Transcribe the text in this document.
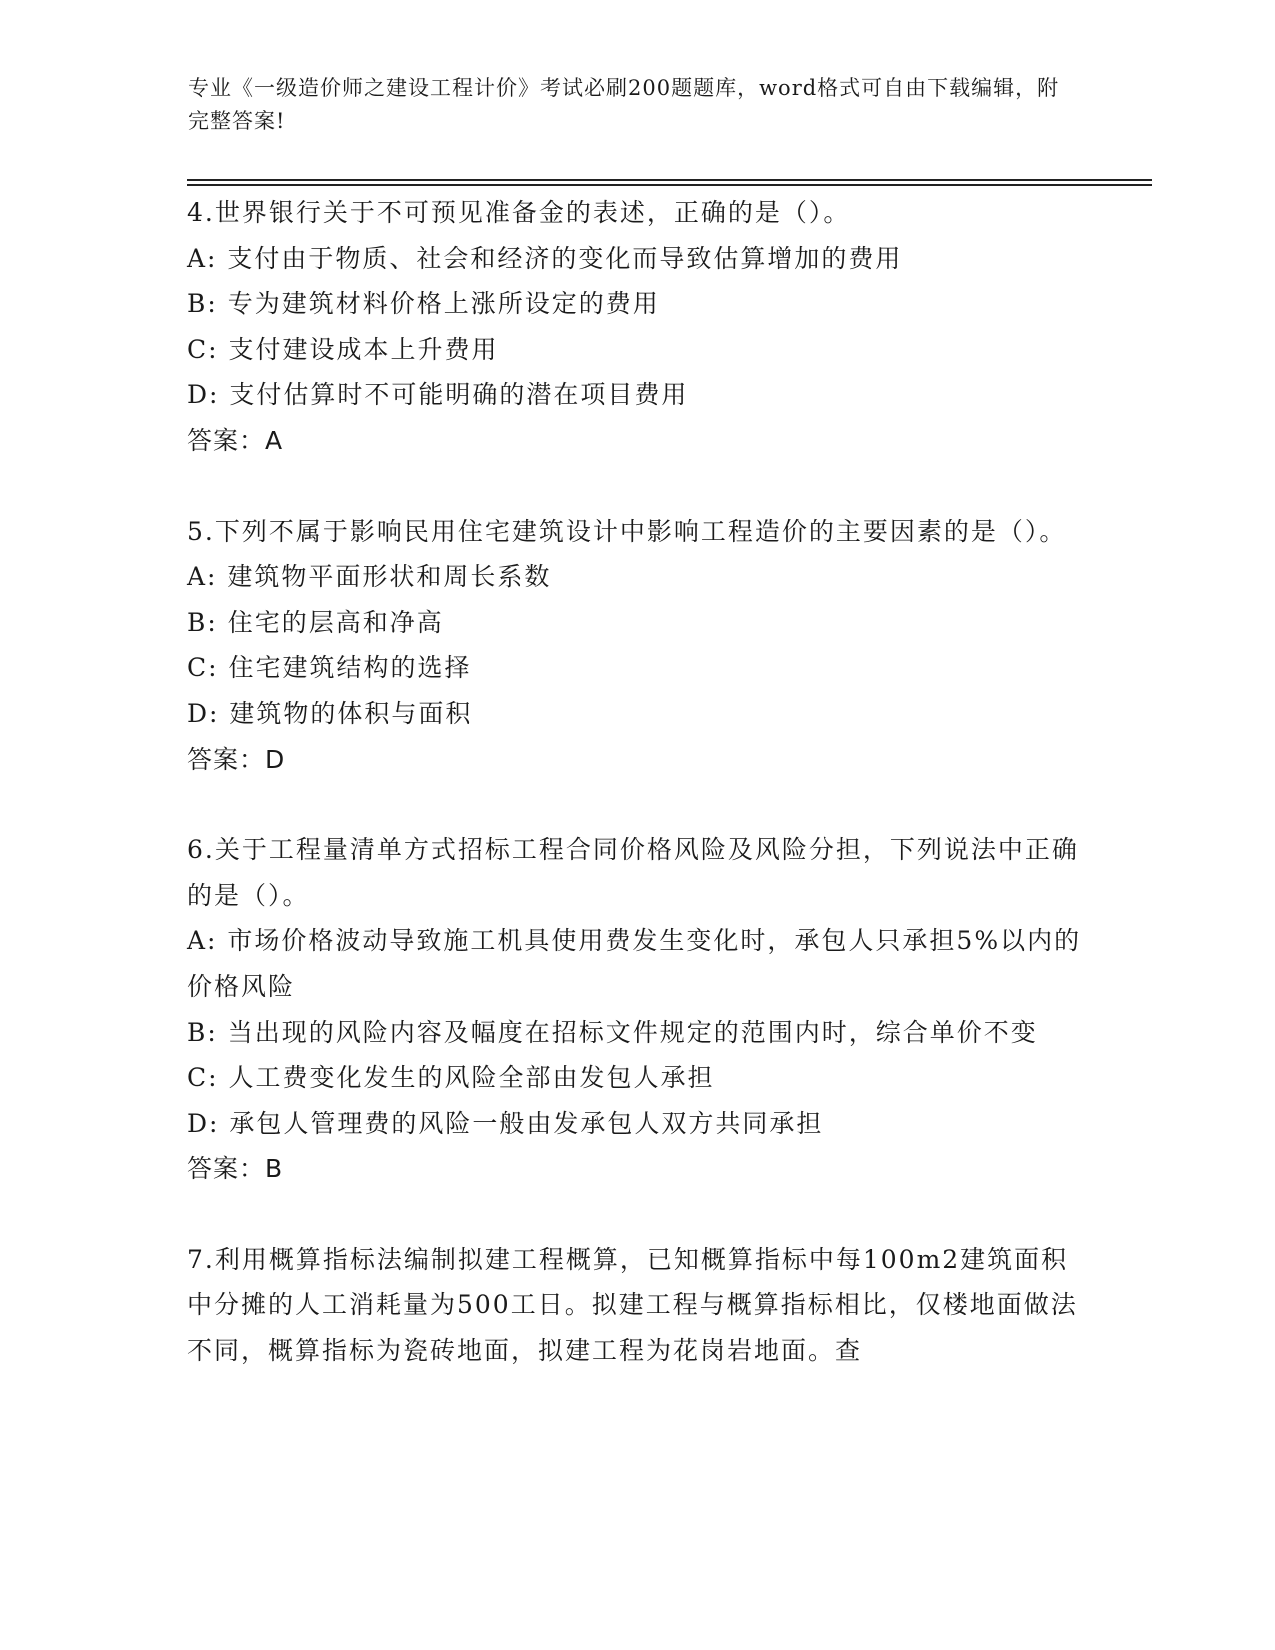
专业《一级造价师之建设工程计价》考试必刷200题题库，word格式可自由下载编辑，附完整答案!

4.世界银行关于不可预见准备金的表述，正确的是（）。

A: 支付由于物质、社会和经济的变化而导致估算增加的费用

B: 专为建筑材料价格上涨所设定的费用

C: 支付建设成本上升费用

D: 支付估算时不可能明确的潜在项目费用

答案：A

5.下列不属于影响民用住宅建筑设计中影响工程造价的主要因素的是（）。

A: 建筑物平面形状和周长系数

B: 住宅的层高和净高

C: 住宅建筑结构的选择

D: 建筑物的体积与面积

答案：D

6.关于工程量清单方式招标工程合同价格风险及风险分担，下列说法中正确的是（）。

A: 市场价格波动导致施工机具使用费发生变化时，承包人只承担5%以内的价格风险

B: 当出现的风险内容及幅度在招标文件规定的范围内时，综合单价不变

C: 人工费变化发生的风险全部由发包人承担

D: 承包人管理费的风险一般由发承包人双方共同承担

答案：B

7.利用概算指标法编制拟建工程概算，已知概算指标中每100m2建筑面积中分摊的人工消耗量为500工日。拟建工程与概算指标相比，仅楼地面做法不同，概算指标为瓷砖地面，拟建工程为花岗岩地面。查
